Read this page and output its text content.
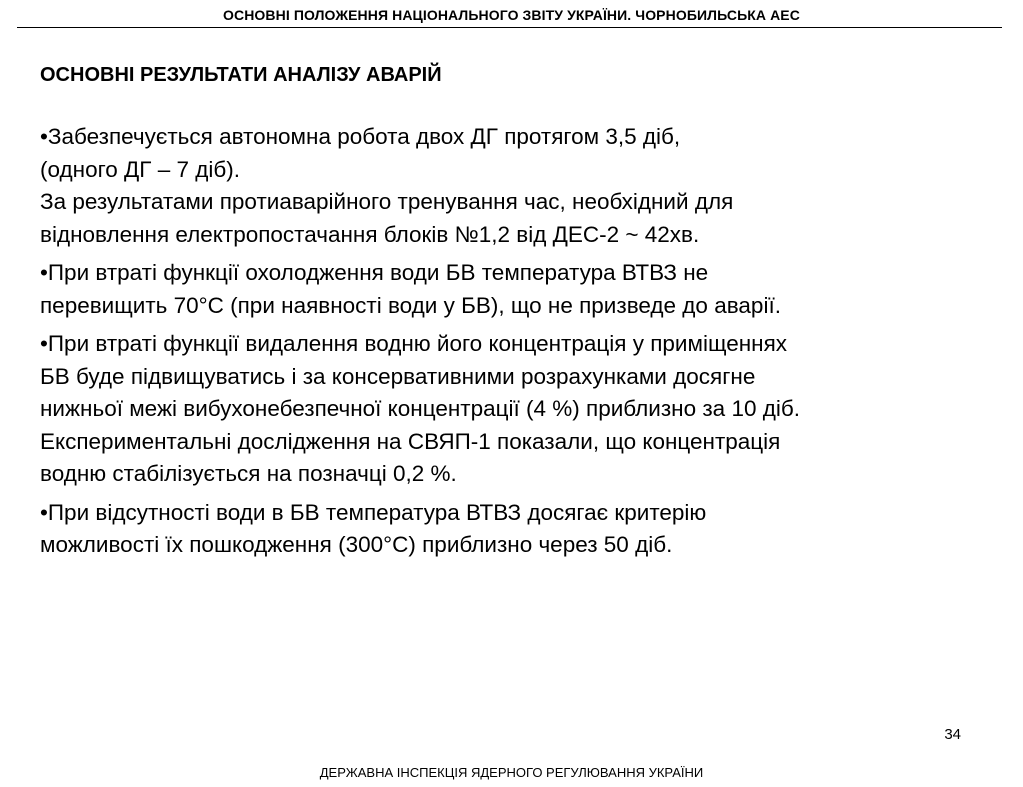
ОСНОВНІ ПОЛОЖЕННЯ НАЦІОНАЛЬНОГО ЗВІТУ УКРАЇНИ. ЧОРНОБИЛЬСЬКА АЕС
ОСНОВНІ РЕЗУЛЬТАТИ АНАЛІЗУ АВАРІЙ

•Забезпечується автономна робота двох ДГ протягом 3,5 діб,
(одного ДГ – 7 діб).
За результатами протиаварійного тренування час, необхідний для
відновлення електропостачання блоків №1,2 від ДЕС-2 ~ 42хв.

•При втраті функції охолодження води БВ температура ВТВЗ не
перевищить 70°С (при наявності води у БВ), що не призведе до аварії.

•При втраті функції видалення водню його концентрація у приміщеннях
БВ буде підвищуватись і за консервативними розрахунками досягне
нижньої межі вибухонебезпечної концентрації (4 %) приблизно за 10 діб.
Експериментальні дослідження на СВЯП-1 показали, що концентрація
водню стабілізується на позначці 0,2 %.

•При відсутності води в БВ температура ВТВЗ досягає критерію
можливості їх пошкодження (300°С) приблизно через 50 діб.

34
ДЕРЖАВНА ІНСПЕКЦІЯ ЯДЕРНОГО РЕГУЛЮВАННЯ УКРАЇНИ
